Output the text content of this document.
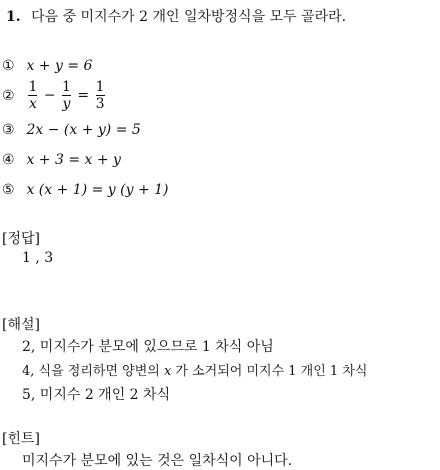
1. 다음 중 미지수가 2 개인 일차방정식을 모두 골라라.
① x + y = 6
② $\frac{1}{x} - \frac{1}{y} = \frac{1}{3}$
③ 2x − (x + y) = 5
④ x + 3 = x + y
⑤ x (x + 1) = y (y + 1)
[정답]
1 , 3
[해설]
2, 미지수가 분모에 있으므로 1 차식 아님
4, 식을 정리하면 양변의 𝑥 가 소거되어 미지수 1 개인 1 차식
5, 미지수 2 개인 2 차식
[힌트]
미지수가 분모에 있는 것은 일차식이 아니다.
